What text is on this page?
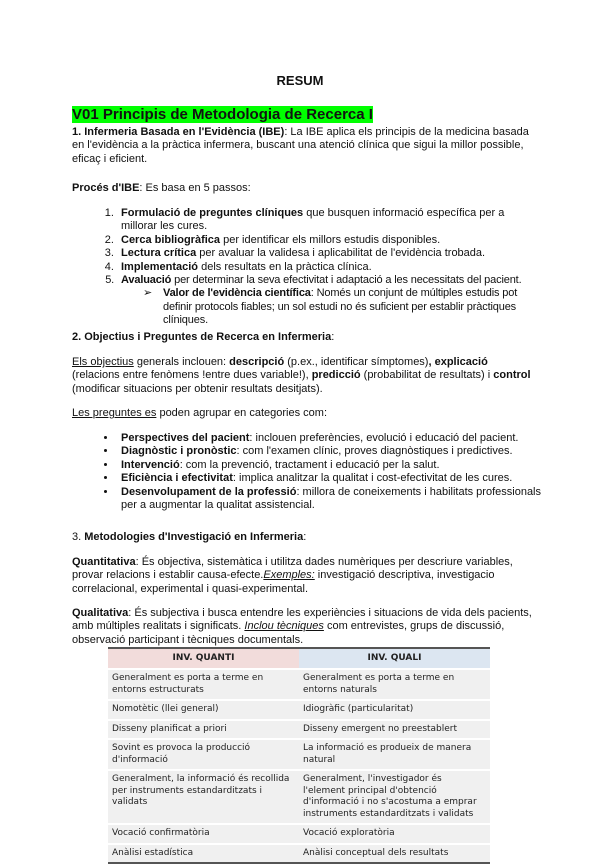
RESUM
V01 Principis de Metodologia de Recerca I

1. Infermeria Basada en l'Evidència (IBE): La IBE aplica els principis de la medicina basada en l'evidència a la pràctica infermera, buscant una atenció clínica que sigui la millor possible, eficaç i eficient.

Procés d'IBE: Es basa en 5 passos:

1. Formulació de preguntes clíniques que busquen informació específica per a millorar les cures.
2. Cerca bibliogràfica per identificar els millors estudis disponibles.
3. Lectura crítica per avaluar la validesa i aplicabilitat de l'evidència trobada.
4. Implementació dels resultats en la pràctica clínica.
5. Avaluació per determinar la seva efectivitat i adaptació a les necessitats del pacient.
➢ Valor de l'evidència científica: Només un conjunt de múltiples estudis pot definir protocols fiables; un sol estudi no és suficient per establir pràctiques clíniques.

2. Objectius i Preguntes de Recerca en Infermeria:

Els objectius generals inclouen: descripció (p.ex., identificar símptomes), explicació (relacions entre fenòmens !entre dues variable!), predicció (probabilitat de resultats) i control (modificar situacions per obtenir resultats desitjats).

Les preguntes es poden agrupar en categories com:

• Perspectives del pacient: inclouen preferències, evolució i educació del pacient.
• Diagnòstic i pronòstic: com l'examen clínic, proves diagnòstiques i predictives.
• Intervenció: com la prevenció, tractament i educació per la salut.
• Eficiència i efectivitat: implica analitzar la qualitat i cost-efectivitat de les cures.
• Desenvolupament de la professió: millora de coneixements i habilitats professionals per a augmentar la qualitat assistencial.

3. Metodologies d'Investigació en Infermeria:

Quantitativa: És objectiva, sistemàtica i utilitza dades numèriques per descriure variables, provar relacions i establir causa-efecte.Exemples: investigació descriptiva, investigacio correlacional, experimental i quasi-experimental.

Qualitativa: És subjectiva i busca entendre les experiències i situacions de vida dels pacients, amb múltiples realitats i significats. Inclou tècniques com entrevistes, grups de discussió, observació participant i tècniques documentals.

INV. QUANTI	INV. QUALI
Generalment es porta a terme en entorns estructurats	Generalment es porta a terme en entorns naturals
Nomotètic (llei general)	Idiogràfic (particularitat)
Disseny planificat a priori	Disseny emergent no preestablert
Sovint es provoca la producció d'informació	La informació es produeix de manera natural
Generalment, la informació és recollida per instruments estandarditzats i validats	Generalment, l'investigador és l'element principal d'obtenció d'informació i no s'acostuma a emprar instruments estandarditzats i validats
Vocació confirmatòria	Vocació exploratòria
Anàlisi estadística	Anàlisi conceptual dels resultats
